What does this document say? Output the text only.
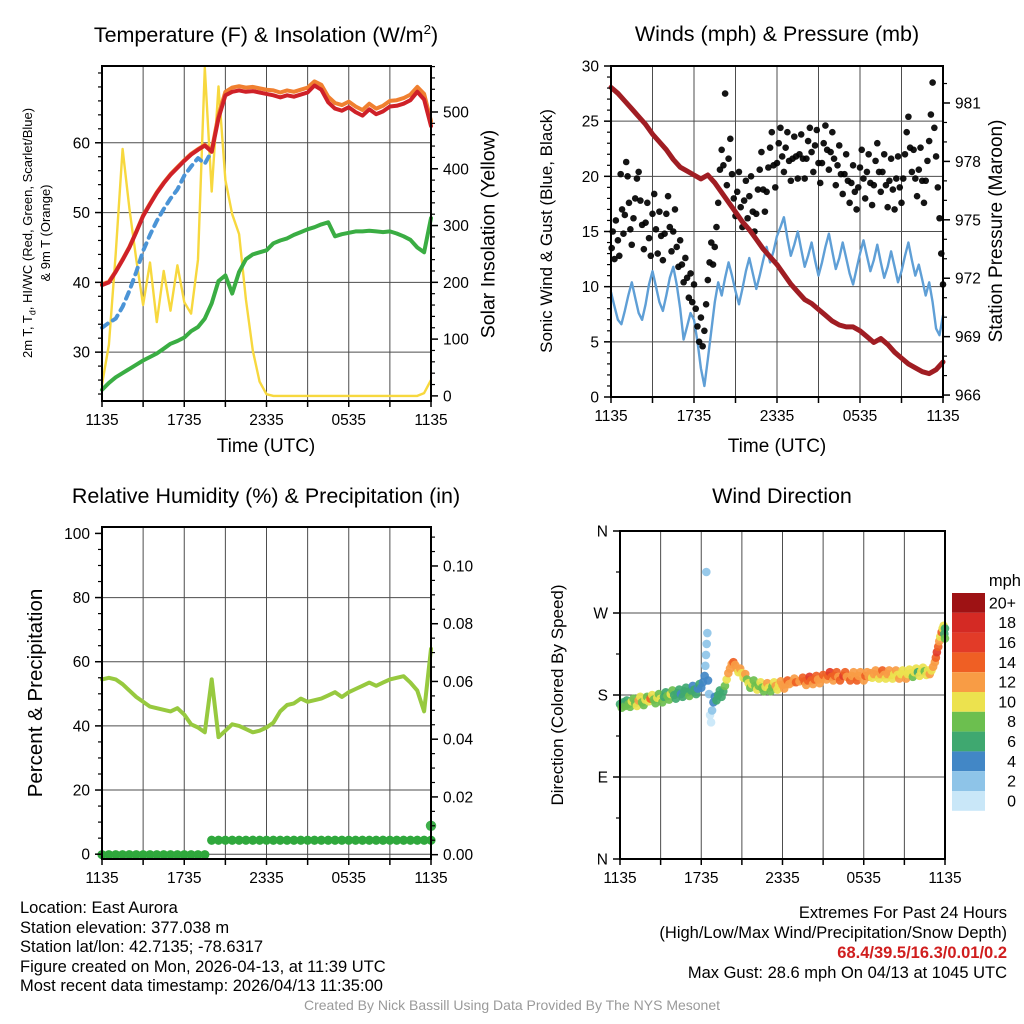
30
40
50
60
0
100
200
300
400
500
1135	1735	2335	0535	1135
0
5
10
15
20
25
30
966
969
972
975
978
981
1135	1735	2335	0535	1135
0
20
40
60
80
100
0.00
0.02
0.04
0.06
0.08
0.10
1135	1735	2335	0535	1135
N
W
S
E
N
1135	1735	2335	0535	1135
mph
20+
18
16
14
12
10
8
6
4
2
0
Temperature (F) & Insolation $(W/m^2)$	Winds (mph) & Pressure (mb)
Relative Humidity (%) & Precipitation (in)	Wind Direction
2m T, $T_d$, HI/WC (Red, Green, Scarlet/Blue) & 9m T (Orange)	Solar Insolation (Yellow) Sonic Wind & Gust (Blue, Black)	Station Pressure (Maroon)
Percent & Precipitation	Direction (Colored By Speed)
Time (UTC)	Time (UTC)
Location: East Aurora
Station elevation: 377.038 m
Station lat/lon: 42.7135; -78.6317
Figure created on Mon, 2026-04-13, at 11:39 UTC
Most recent data timestamp: 2026/04/13 11:35:00
Extremes For Past 24 Hours
(High/Low/Max Wind/Precipitation/Snow Depth)
68.4/39.5/16.3/0.01/0.2
Max Gust: 28.6 mph On 04/13 at 1045 UTC
Created By Nick Bassill Using Data Provided By The NYS Mesonet
